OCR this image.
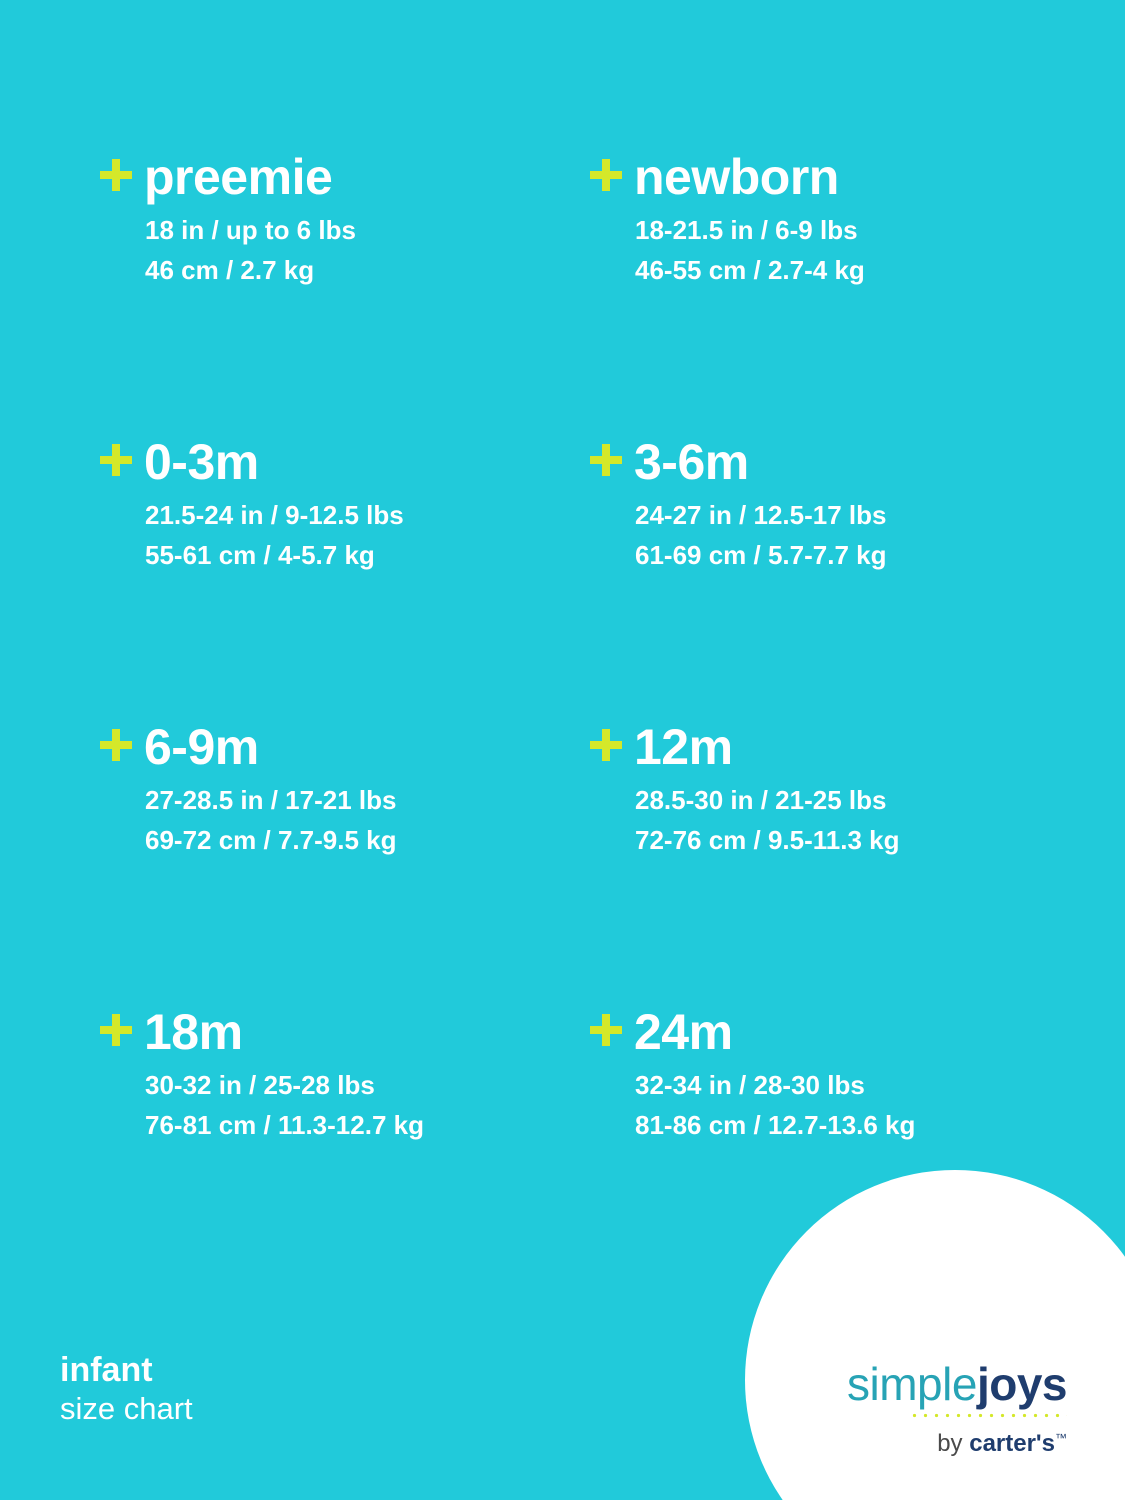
preemie
18 in / up to 6 lbs
46 cm / 2.7 kg
newborn
18-21.5 in / 6-9 lbs
46-55 cm / 2.7-4 kg
0-3m
21.5-24 in / 9-12.5 lbs
55-61 cm / 4-5.7 kg
3-6m
24-27 in / 12.5-17 lbs
61-69 cm / 5.7-7.7 kg
6-9m
27-28.5 in / 17-21 lbs
69-72 cm / 7.7-9.5 kg
12m
28.5-30 in / 21-25 lbs
72-76 cm / 9.5-11.3 kg
18m
30-32 in / 25-28 lbs
76-81 cm / 11.3-12.7 kg
24m
32-34 in / 28-30 lbs
81-86 cm / 12.7-13.6 kg
infant
size chart	simplejoys
by carter's™
